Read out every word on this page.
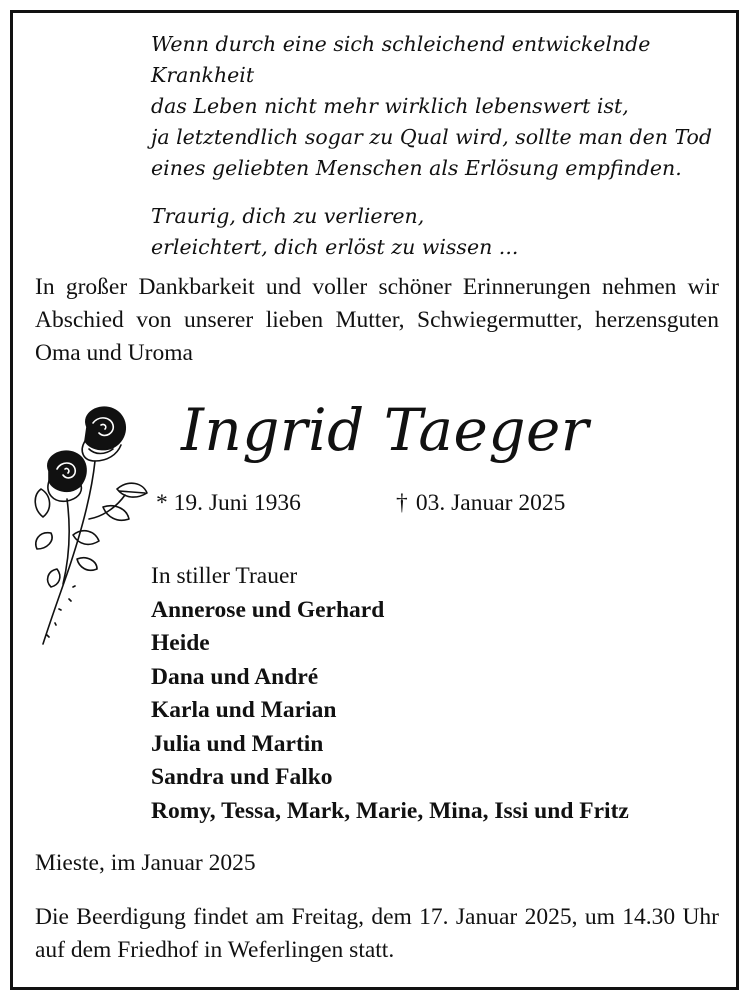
Wenn durch eine sich schleichend entwickelnde Krankheit
das Leben nicht mehr wirklich lebenswert ist,
ja letztendlich sogar zu Qual wird, sollte man den Tod
eines geliebten Menschen als Erlösung empfinden.

Traurig, dich zu verlieren,
erleichtert, dich erlöst zu wissen ...

In großer Dankbarkeit und voller schöner Erinnerungen nehmen wir Abschied von unserer lieben Mutter, Schwiegermutter, herzensguten Oma und Uroma
Ingrid Taeger
* 19. Juni 1936	† 03. Januar 2025
In stiller Trauer
Annerose und Gerhard
Heide
Dana und André
Karla und Marian
Julia und Martin
Sandra und Falko
Romy, Tessa, Mark, Marie, Mina, Issi und Fritz
Mieste, im Januar 2025
Die Beerdigung findet am Freitag, dem 17. Januar 2025, um 14.30 Uhr auf dem Friedhof in Weferlingen statt.
